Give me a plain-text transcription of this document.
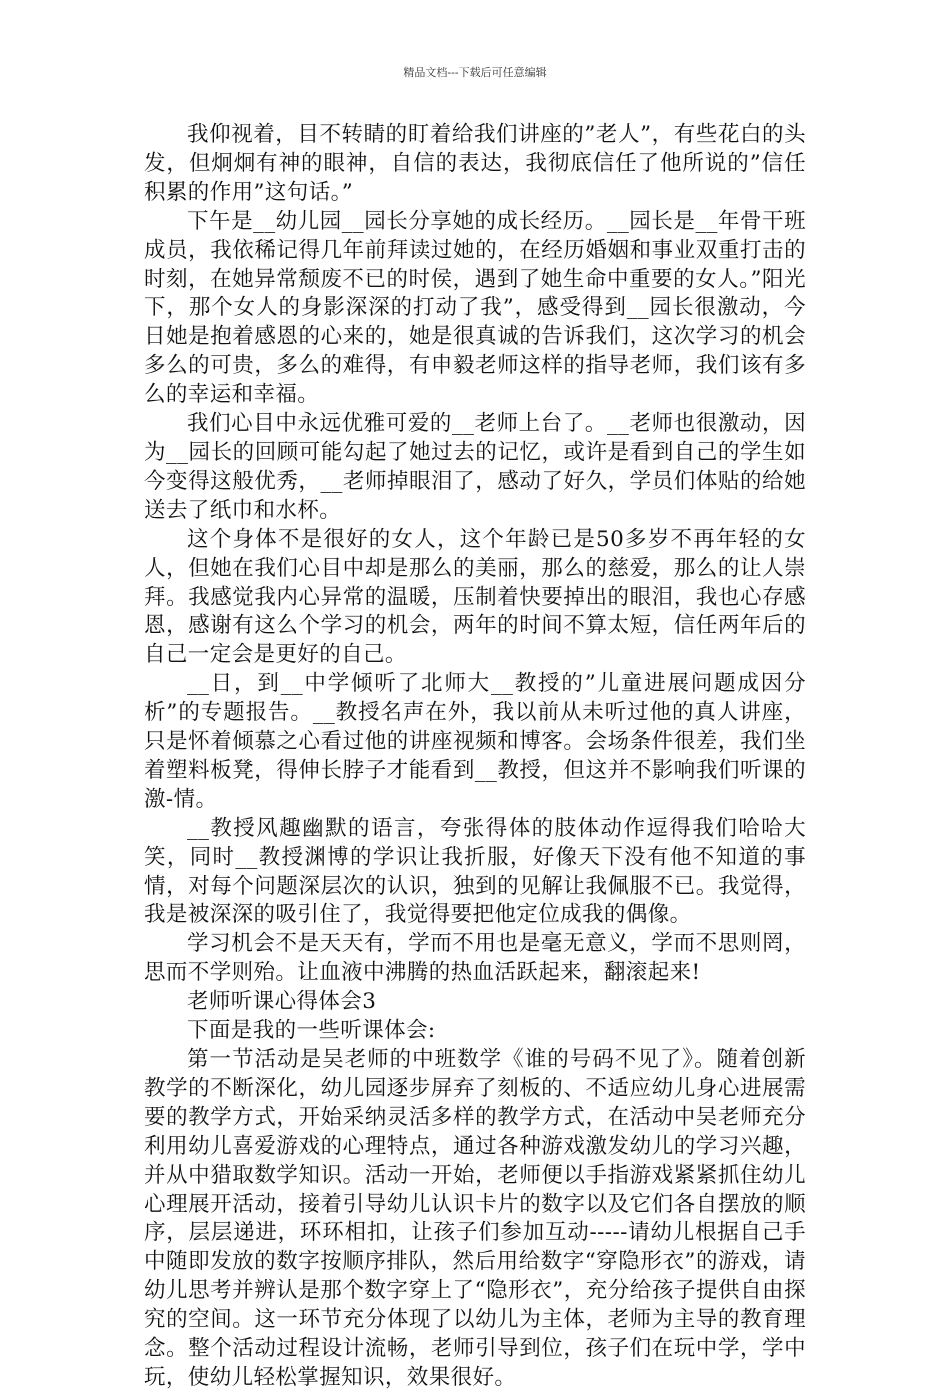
精品文档---下载后可任意编辑

我仰视着，目不转睛的盯着给我们讲座的”老人”，有些花白的头发，但炯炯有神的眼神，自信的表达，我彻底信任了他所说的”信任积累的作用”这句话。”

下午是__幼儿园__园长分享她的成长经历。__园长是__年骨干班成员，我依稀记得几年前拜读过她的，在经历婚姻和事业双重打击的时刻，在她异常颓废不已的时侯，遇到了她生命中重要的女人。”阳光下，那个女人的身影深深的打动了我”，感受得到__园长很激动，今日她是抱着感恩的心来的，她是很真诚的告诉我们，这次学习的机会多么的可贵，多么的难得，有申毅老师这样的指导老师，我们该有多么的幸运和幸福。

我们心目中永远优雅可爱的__老师上台了。__老师也很激动，因为__园长的回顾可能勾起了她过去的记忆，或许是看到自己的学生如今变得这般优秀，__老师掉眼泪了，感动了好久，学员们体贴的给她送去了纸巾和水杯。

这个身体不是很好的女人，这个年龄已是50多岁不再年轻的女人，但她在我们心目中却是那么的美丽，那么的慈爱，那么的让人崇拜。我感觉我内心异常的温暖，压制着快要掉出的眼泪，我也心存感恩，感谢有这么个学习的机会，两年的时间不算太短，信任两年后的自己一定会是更好的自己。

__日，到__中学倾听了北师大__教授的”儿童进展问题成因分析”的专题报告。__教授名声在外，我以前从未听过他的真人讲座，只是怀着倾慕之心看过他的讲座视频和博客。会场条件很差，我们坐着塑料板凳，得伸长脖子才能看到__教授，但这并不影响我们听课的激-情。

__教授风趣幽默的语言，夸张得体的肢体动作逗得我们哈哈大笑，同时__教授渊博的学识让我折服，好像天下没有他不知道的事情，对每个问题深层次的认识，独到的见解让我佩服不已。我觉得，我是被深深的吸引住了，我觉得要把他定位成我的偶像。

学习机会不是天天有，学而不用也是毫无意义，学而不思则罔，思而不学则殆。让血液中沸腾的热血活跃起来，翻滚起来!

老师听课心得体会3

下面是我的一些听课体会:

第一节活动是吴老师的中班数学《谁的号码不见了》。随着创新教学的不断深化，幼儿园逐步屏弃了刻板的、不适应幼儿身心进展需要的教学方式，开始采纳灵活多样的教学方式，在活动中吴老师充分利用幼儿喜爱游戏的心理特点，通过各种游戏激发幼儿的学习兴趣，并从中猎取数学知识。活动一开始，老师便以手指游戏紧紧抓住幼儿心理展开活动，接着引导幼儿认识卡片的数字以及它们各自摆放的顺序，层层递进，环环相扣，让孩子们参加互动-----请幼儿根据自己手中随即发放的数字按顺序排队，然后用给数字“穿隐形衣”的游戏，请幼儿思考并辨认是那个数字穿上了“隐形衣”，充分给孩子提供自由探究的空间。这一环节充分体现了以幼儿为主体，老师为主导的教育理念。整个活动过程设计流畅，老师引导到位，孩子们在玩中学，学中玩，使幼儿轻松掌握知识，效果很好。
